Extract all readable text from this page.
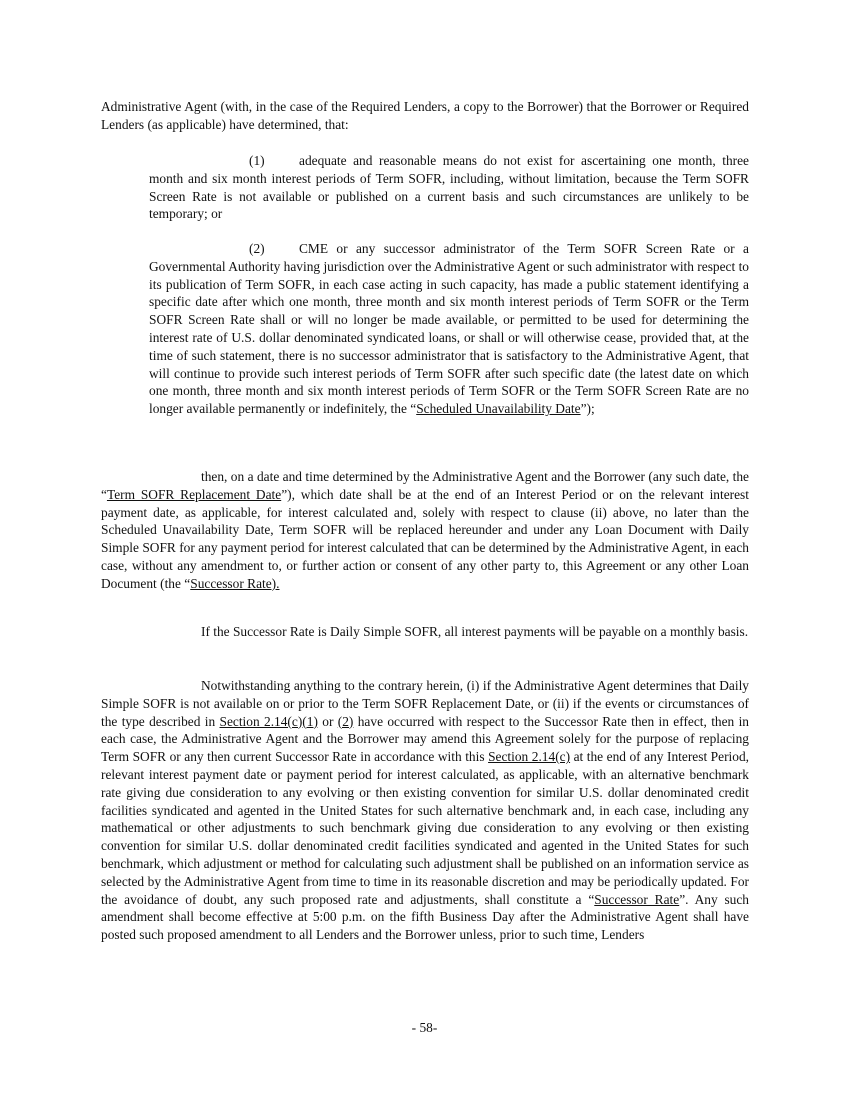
Administrative Agent (with, in the case of the Required Lenders, a copy to the Borrower) that the Borrower or Required Lenders (as applicable) have determined, that:

(1)	adequate and reasonable means do not exist for ascertaining one month, three month and six month interest periods of Term SOFR, including, without limitation, because the Term SOFR Screen Rate is not available or published on a current basis and such circumstances are unlikely to be temporary; or

(2)	CME or any successor administrator of the Term SOFR Screen Rate or a Governmental Authority having jurisdiction over the Administrative Agent or such administrator with respect to its publication of Term SOFR, in each case acting in such capacity, has made a public statement identifying a specific date after which one month, three month and six month interest periods of Term SOFR or the Term SOFR Screen Rate shall or will no longer be made available, or permitted to be used for determining the interest rate of U.S. dollar denominated syndicated loans, or shall or will otherwise cease, provided that, at the time of such statement, there is no successor administrator that is satisfactory to the Administrative Agent, that will continue to provide such interest periods of Term SOFR after such specific date (the latest date on which one month, three month and six month interest periods of Term SOFR or the Term SOFR Screen Rate are no longer available permanently or indefinitely, the “Scheduled Unavailability Date”);

then, on a date and time determined by the Administrative Agent and the Borrower (any such date, the “Term SOFR Replacement Date”), which date shall be at the end of an Interest Period or on the relevant interest payment date, as applicable, for interest calculated and, solely with respect to clause (ii) above, no later than the Scheduled Unavailability Date, Term SOFR will be replaced hereunder and under any Loan Document with Daily Simple SOFR for any payment period for interest calculated that can be determined by the Administrative Agent, in each case, without any amendment to, or further action or consent of any other party to, this Agreement or any other Loan Document (the “Successor Rate).

If the Successor Rate is Daily Simple SOFR, all interest payments will be payable on a monthly basis.

Notwithstanding anything to the contrary herein, (i) if the Administrative Agent determines that Daily Simple SOFR is not available on or prior to the Term SOFR Replacement Date, or (ii) if the events or circumstances of the type described in Section 2.14(c)(1) or (2) have occurred with respect to the Successor Rate then in effect, then in each case, the Administrative Agent and the Borrower may amend this Agreement solely for the purpose of replacing Term SOFR or any then current Successor Rate in accordance with this Section 2.14(c) at the end of any Interest Period, relevant interest payment date or payment period for interest calculated, as applicable, with an alternative benchmark rate giving due consideration to any evolving or then existing convention for similar U.S. dollar denominated credit facilities syndicated and agented in the United States for such alternative benchmark and, in each case, including any mathematical or other adjustments to such benchmark giving due consideration to any evolving or then existing convention for similar U.S. dollar denominated credit facilities syndicated and agented in the United States for such benchmark, which adjustment or method for calculating such adjustment shall be published on an information service as selected by the Administrative Agent from time to time in its reasonable discretion and may be periodically updated. For the avoidance of doubt, any such proposed rate and adjustments, shall constitute a “Successor Rate”. Any such amendment shall become effective at 5:00 p.m. on the fifth Business Day after the Administrative Agent shall have posted such proposed amendment to all Lenders and the Borrower unless, prior to such time, Lenders

- 58-
